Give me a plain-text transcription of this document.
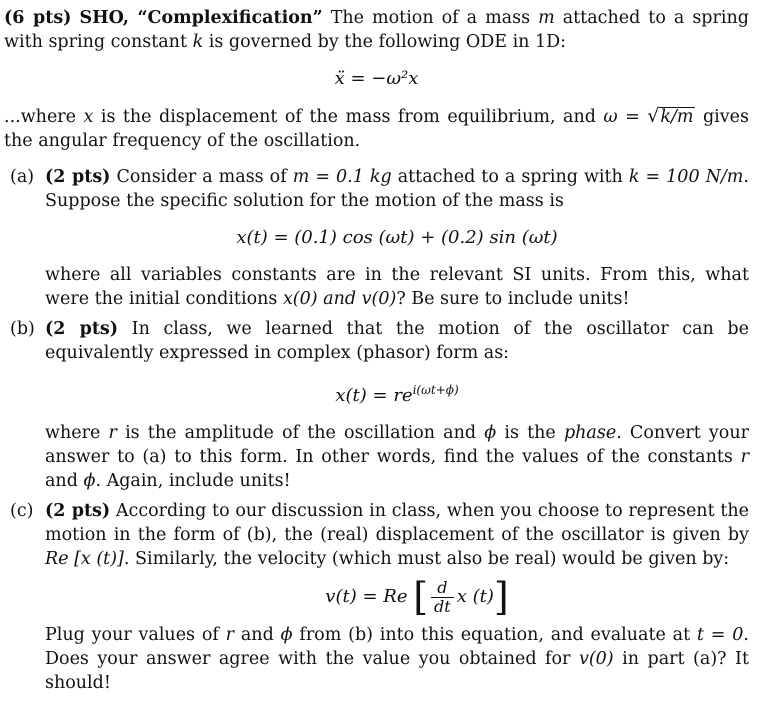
(6 pts) SHO, “Complexification” The motion of a mass m attached to a spring with spring constant k is governed by the following ODE in 1D:

ẍ = −ω²x

...where x is the displacement of the mass from equilibrium, and ω = √k/m gives the angular frequency of the oscillation.

(a) (2 pts) Consider a mass of m = 0.1 kg attached to a spring with k = 100 N/m. Suppose the specific solution for the motion of the mass is

x(t) = (0.1) cos (ωt) + (0.2) sin (ωt)

where all variables constants are in the relevant SI units. From this, what were the initial conditions x(0) and v(0)? Be sure to include units!

(b) (2 pts) In class, we learned that the motion of the oscillator can be equivalently expressed in complex (phasor) form as:

$x(t) = re^{i(\omega t+\phi)}$

where r is the amplitude of the oscillation and ϕ is the phase. Convert your answer to (a) to this form. In other words, find the values of the constants r and ϕ. Again, include units!

(c) (2 pts) According to our discussion in class, when you choose to represent the motion in the form of (b), the (real) displacement of the oscillator is given by Re [x (t)]. Similarly, the velocity (which must also be real) would be given by:

v(t) = Re [ $\frac{d}{dt}$ x (t)]

Plug your values of r and ϕ from (b) into this equation, and evaluate at t = 0. Does your answer agree with the value you obtained for v(0) in part (a)? It should!
